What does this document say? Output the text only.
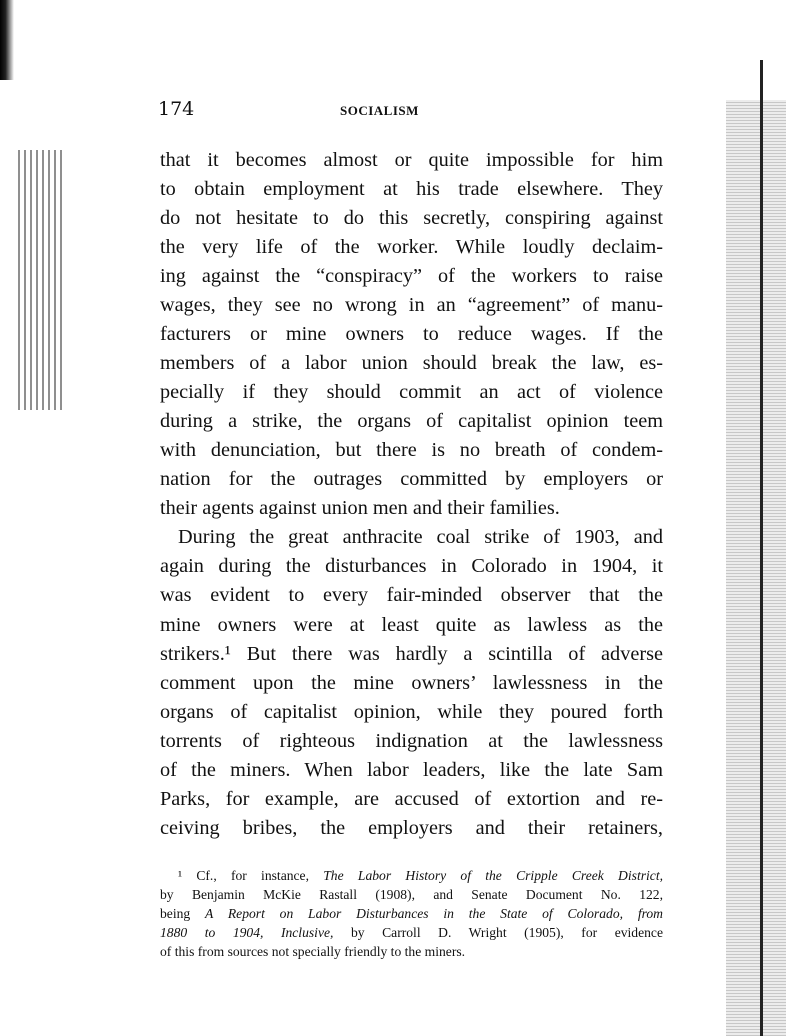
174	SOCIALISM
that it becomes almost or quite impossible for him
to obtain employment at his trade elsewhere. They
do not hesitate to do this secretly, conspiring against
the very life of the worker. While loudly declaim-
ing against the “conspiracy” of the workers to raise
wages, they see no wrong in an “agreement” of manu-
facturers or mine owners to reduce wages. If the
members of a labor union should break the law, es-
pecially if they should commit an act of violence
during a strike, the organs of capitalist opinion teem
with denunciation, but there is no breath of condem-
nation for the outrages committed by employers or
their agents against union men and their families.
During the great anthracite coal strike of 1903, and
again during the disturbances in Colorado in 1904, it
was evident to every fair-minded observer that the
mine owners were at least quite as lawless as the
strikers.¹ But there was hardly a scintilla of adverse
comment upon the mine owners’ lawlessness in the
organs of capitalist opinion, while they poured forth
torrents of righteous indignation at the lawlessness
of the miners. When labor leaders, like the late Sam
Parks, for example, are accused of extortion and re-
ceiving bribes, the employers and their retainers,
¹ Cf., for instance, The Labor History of the Cripple Creek District,
by Benjamin McKie Rastall (1908), and Senate Document No. 122,
being A Report on Labor Disturbances in the State of Colorado, from
1880 to 1904, Inclusive, by Carroll D. Wright (1905), for evidence
of this from sources not specially friendly to the miners.
